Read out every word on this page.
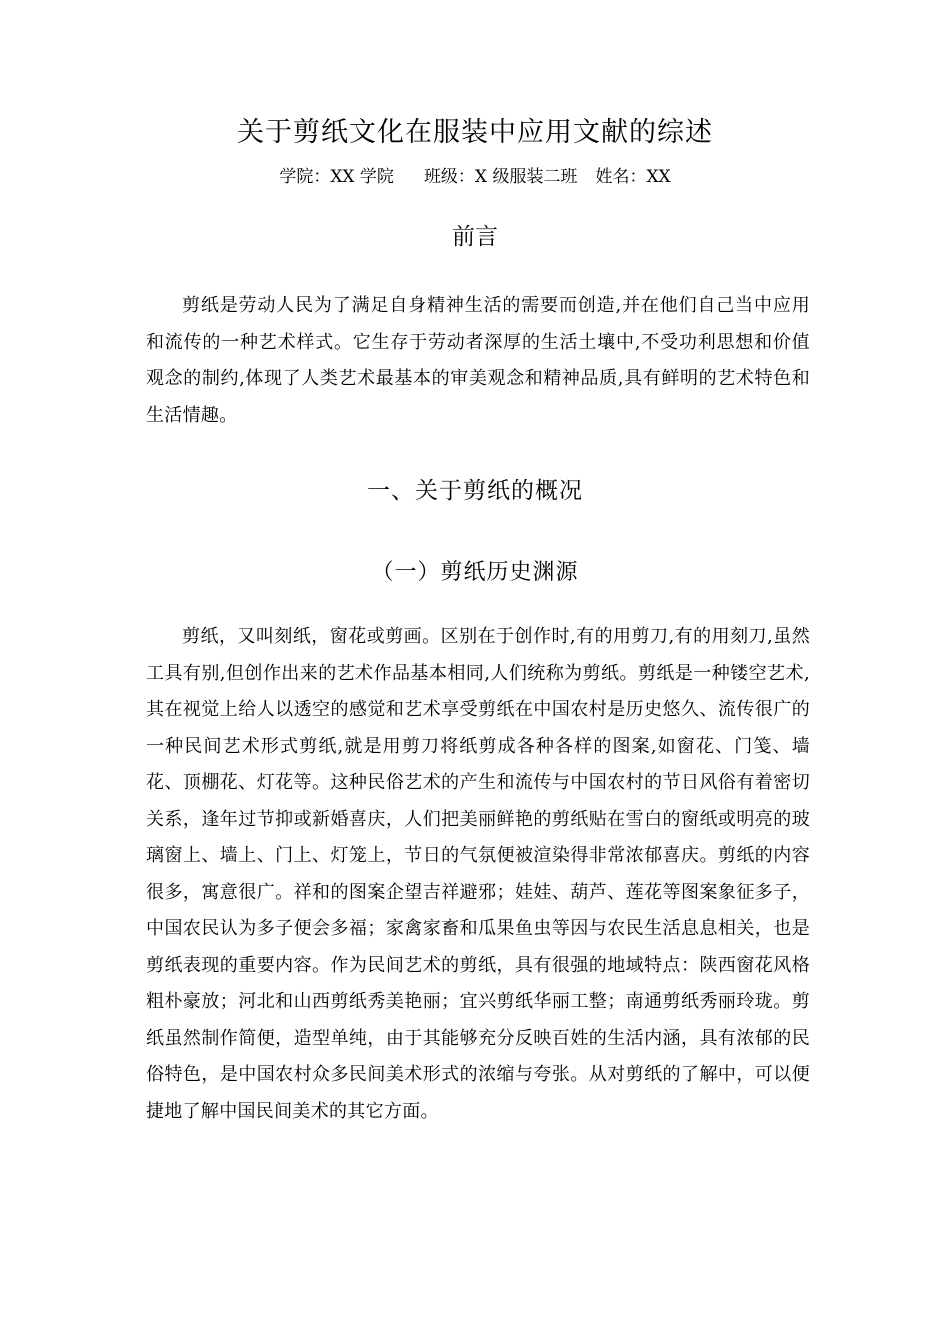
关于剪纸文化在服装中应用文献的综述
学院：XX 学院 班级：X 级服装二班 姓名：XX
前言
剪纸是劳动人民为了满足自身精神生活的需要而创造,并在他们自己当中应用和流传的一种艺术样式。它生存于劳动者深厚的生活土壤中,不受功利思想和价值观念的制约,体现了人类艺术最基本的审美观念和精神品质,具有鲜明的艺术特色和生活情趣。
一、关于剪纸的概况
（一）剪纸历史渊源
剪纸，又叫刻纸，窗花或剪画。区别在于创作时,有的用剪刀,有的用刻刀,虽然工具有别,但创作出来的艺术作品基本相同,人们统称为剪纸。剪纸是一种镂空艺术,其在视觉上给人以透空的感觉和艺术享受剪纸在中国农村是历史悠久、流传很广的一种民间艺术形式剪纸,就是用剪刀将纸剪成各种各样的图案,如窗花、门笺、墙花、顶棚花、灯花等。这种民俗艺术的产生和流传与中国农村的节日风俗有着密切关系，逢年过节抑或新婚喜庆，人们把美丽鲜艳的剪纸贴在雪白的窗纸或明亮的玻璃窗上、墙上、门上、灯笼上，节日的气氛便被渲染得非常浓郁喜庆。剪纸的内容很多，寓意很广。祥和的图案企望吉祥避邪；娃娃、葫芦、莲花等图案象征多子，中国农民认为多子便会多福；家禽家畜和瓜果鱼虫等因与农民生活息息相关，也是剪纸表现的重要内容。作为民间艺术的剪纸，具有很强的地域特点：陕西窗花风格粗朴豪放；河北和山西剪纸秀美艳丽；宜兴剪纸华丽工整；南通剪纸秀丽玲珑。剪纸虽然制作简便，造型单纯，由于其能够充分反映百姓的生活内涵，具有浓郁的民俗特色，是中国农村众多民间美术形式的浓缩与夸张。从对剪纸的了解中，可以便捷地了解中国民间美术的其它方面。
